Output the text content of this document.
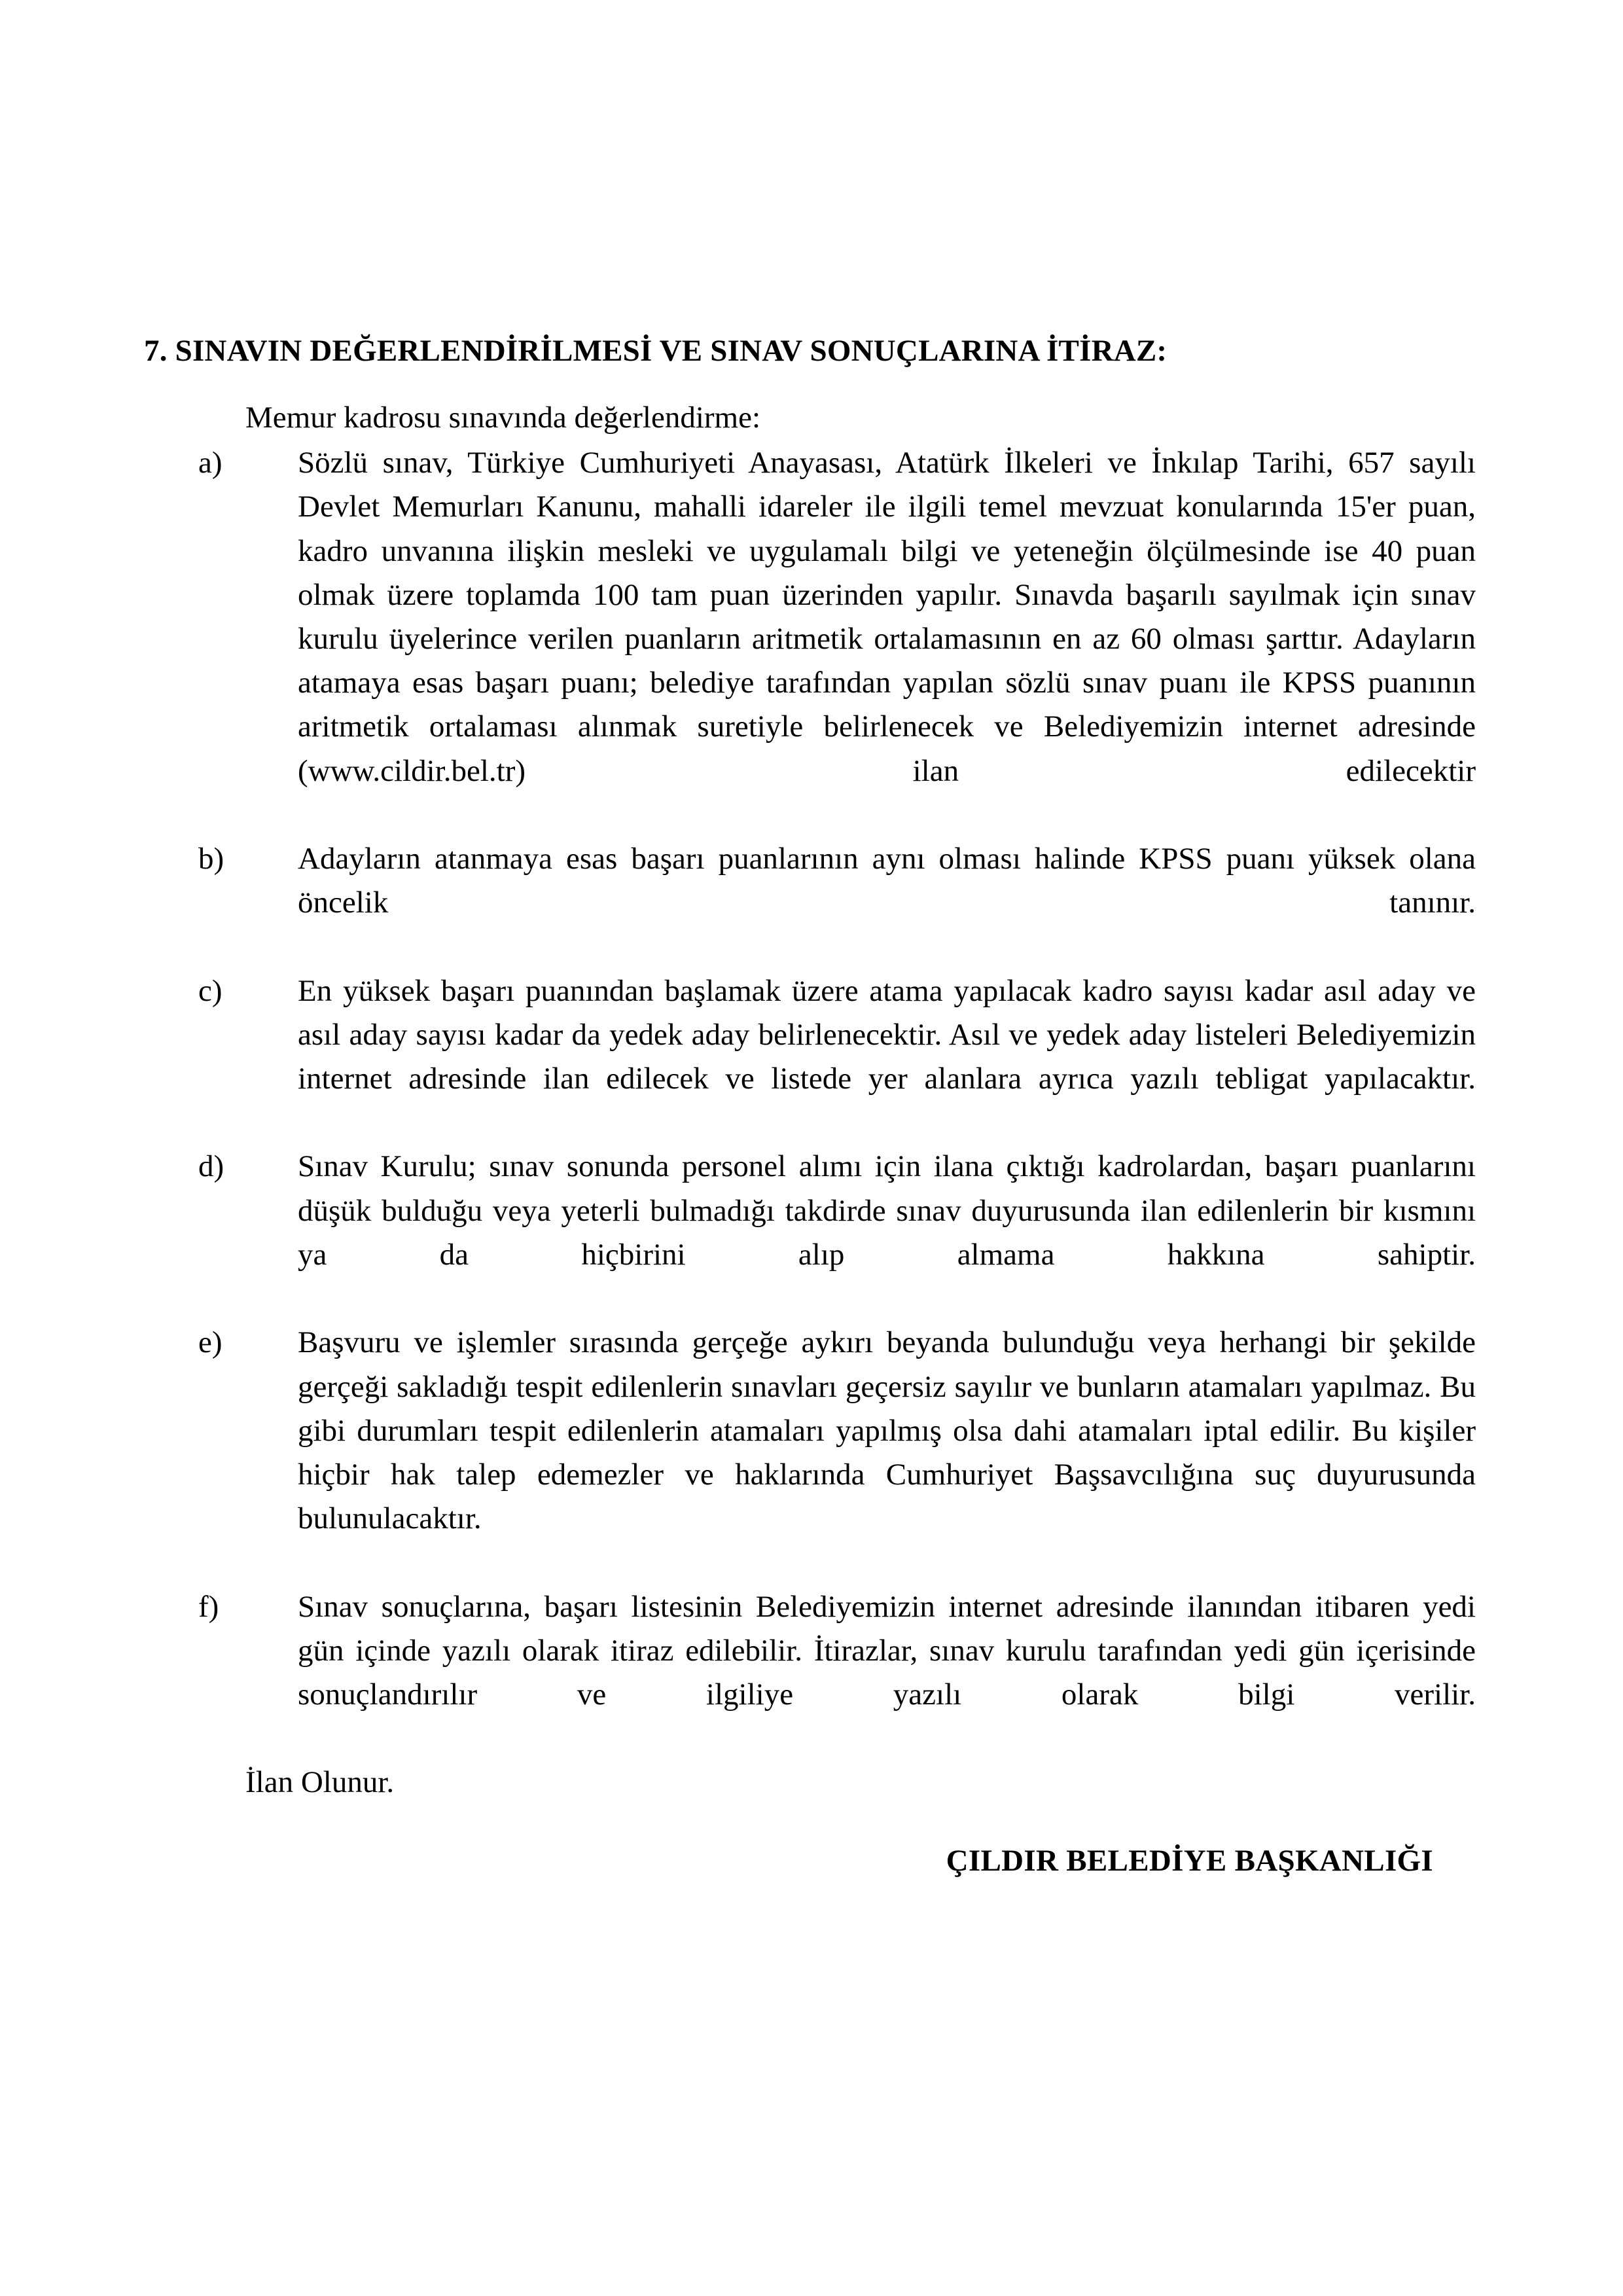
7. SINAVIN DEĞERLENDİRİLMESİ VE SINAV SONUÇLARINA İTİRAZ:

Memur kadrosu sınavında değerlendirme:

a)	Sözlü sınav, Türkiye Cumhuriyeti Anayasası, Atatürk İlkeleri ve İnkılap Tarihi, 657 sayılı Devlet Memurları Kanunu, mahalli idareler ile ilgili temel mevzuat konularında 15'er puan, kadro unvanına ilişkin mesleki ve uygulamalı bilgi ve yeteneğin ölçülmesinde ise 40 puan olmak üzere toplamda 100 tam puan üzerinden yapılır. Sınavda başarılı sayılmak için sınav kurulu üyelerince verilen puanların aritmetik ortalamasının en az 60 olması şarttır. Adayların atamaya esas başarı puanı; belediye tarafından yapılan sözlü sınav puanı ile KPSS puanının aritmetik ortalaması alınmak suretiyle belirlenecek ve Belediyemizin internet adresinde (www.cildir.bel.tr) ilan edilecektir
b)	Adayların atanmaya esas başarı puanlarının aynı olması halinde KPSS puanı yüksek olana öncelik tanınır.
c)	En yüksek başarı puanından başlamak üzere atama yapılacak kadro sayısı kadar asıl aday ve asıl aday sayısı kadar da yedek aday belirlenecektir. Asıl ve yedek aday listeleri Belediyemizin internet adresinde ilan edilecek ve listede yer alanlara ayrıca yazılı tebligat yapılacaktır.
d)	Sınav Kurulu; sınav sonunda personel alımı için ilana çıktığı kadrolardan, başarı puanlarını düşük bulduğu veya yeterli bulmadığı takdirde sınav duyurusunda ilan edilenlerin bir kısmını ya da hiçbirini alıp almama hakkına sahiptir.
e)	Başvuru ve işlemler sırasında gerçeğe aykırı beyanda bulunduğu veya herhangi bir şekilde gerçeği sakladığı tespit edilenlerin sınavları geçersiz sayılır ve bunların atamaları yapılmaz. Bu gibi durumları tespit edilenlerin atamaları yapılmış olsa dahi atamaları iptal edilir. Bu kişiler hiçbir hak talep edemezler ve haklarında Cumhuriyet Başsavcılığına suç duyurusunda bulunulacaktır.
f)	Sınav sonuçlarına, başarı listesinin Belediyemizin internet adresinde ilanından itibaren yedi gün içinde yazılı olarak itiraz edilebilir. İtirazlar, sınav kurulu tarafından yedi gün içerisinde sonuçlandırılır ve ilgiliye yazılı olarak bilgi verilir.

İlan Olunur.

ÇILDIR BELEDİYE BAŞKANLIĞI
